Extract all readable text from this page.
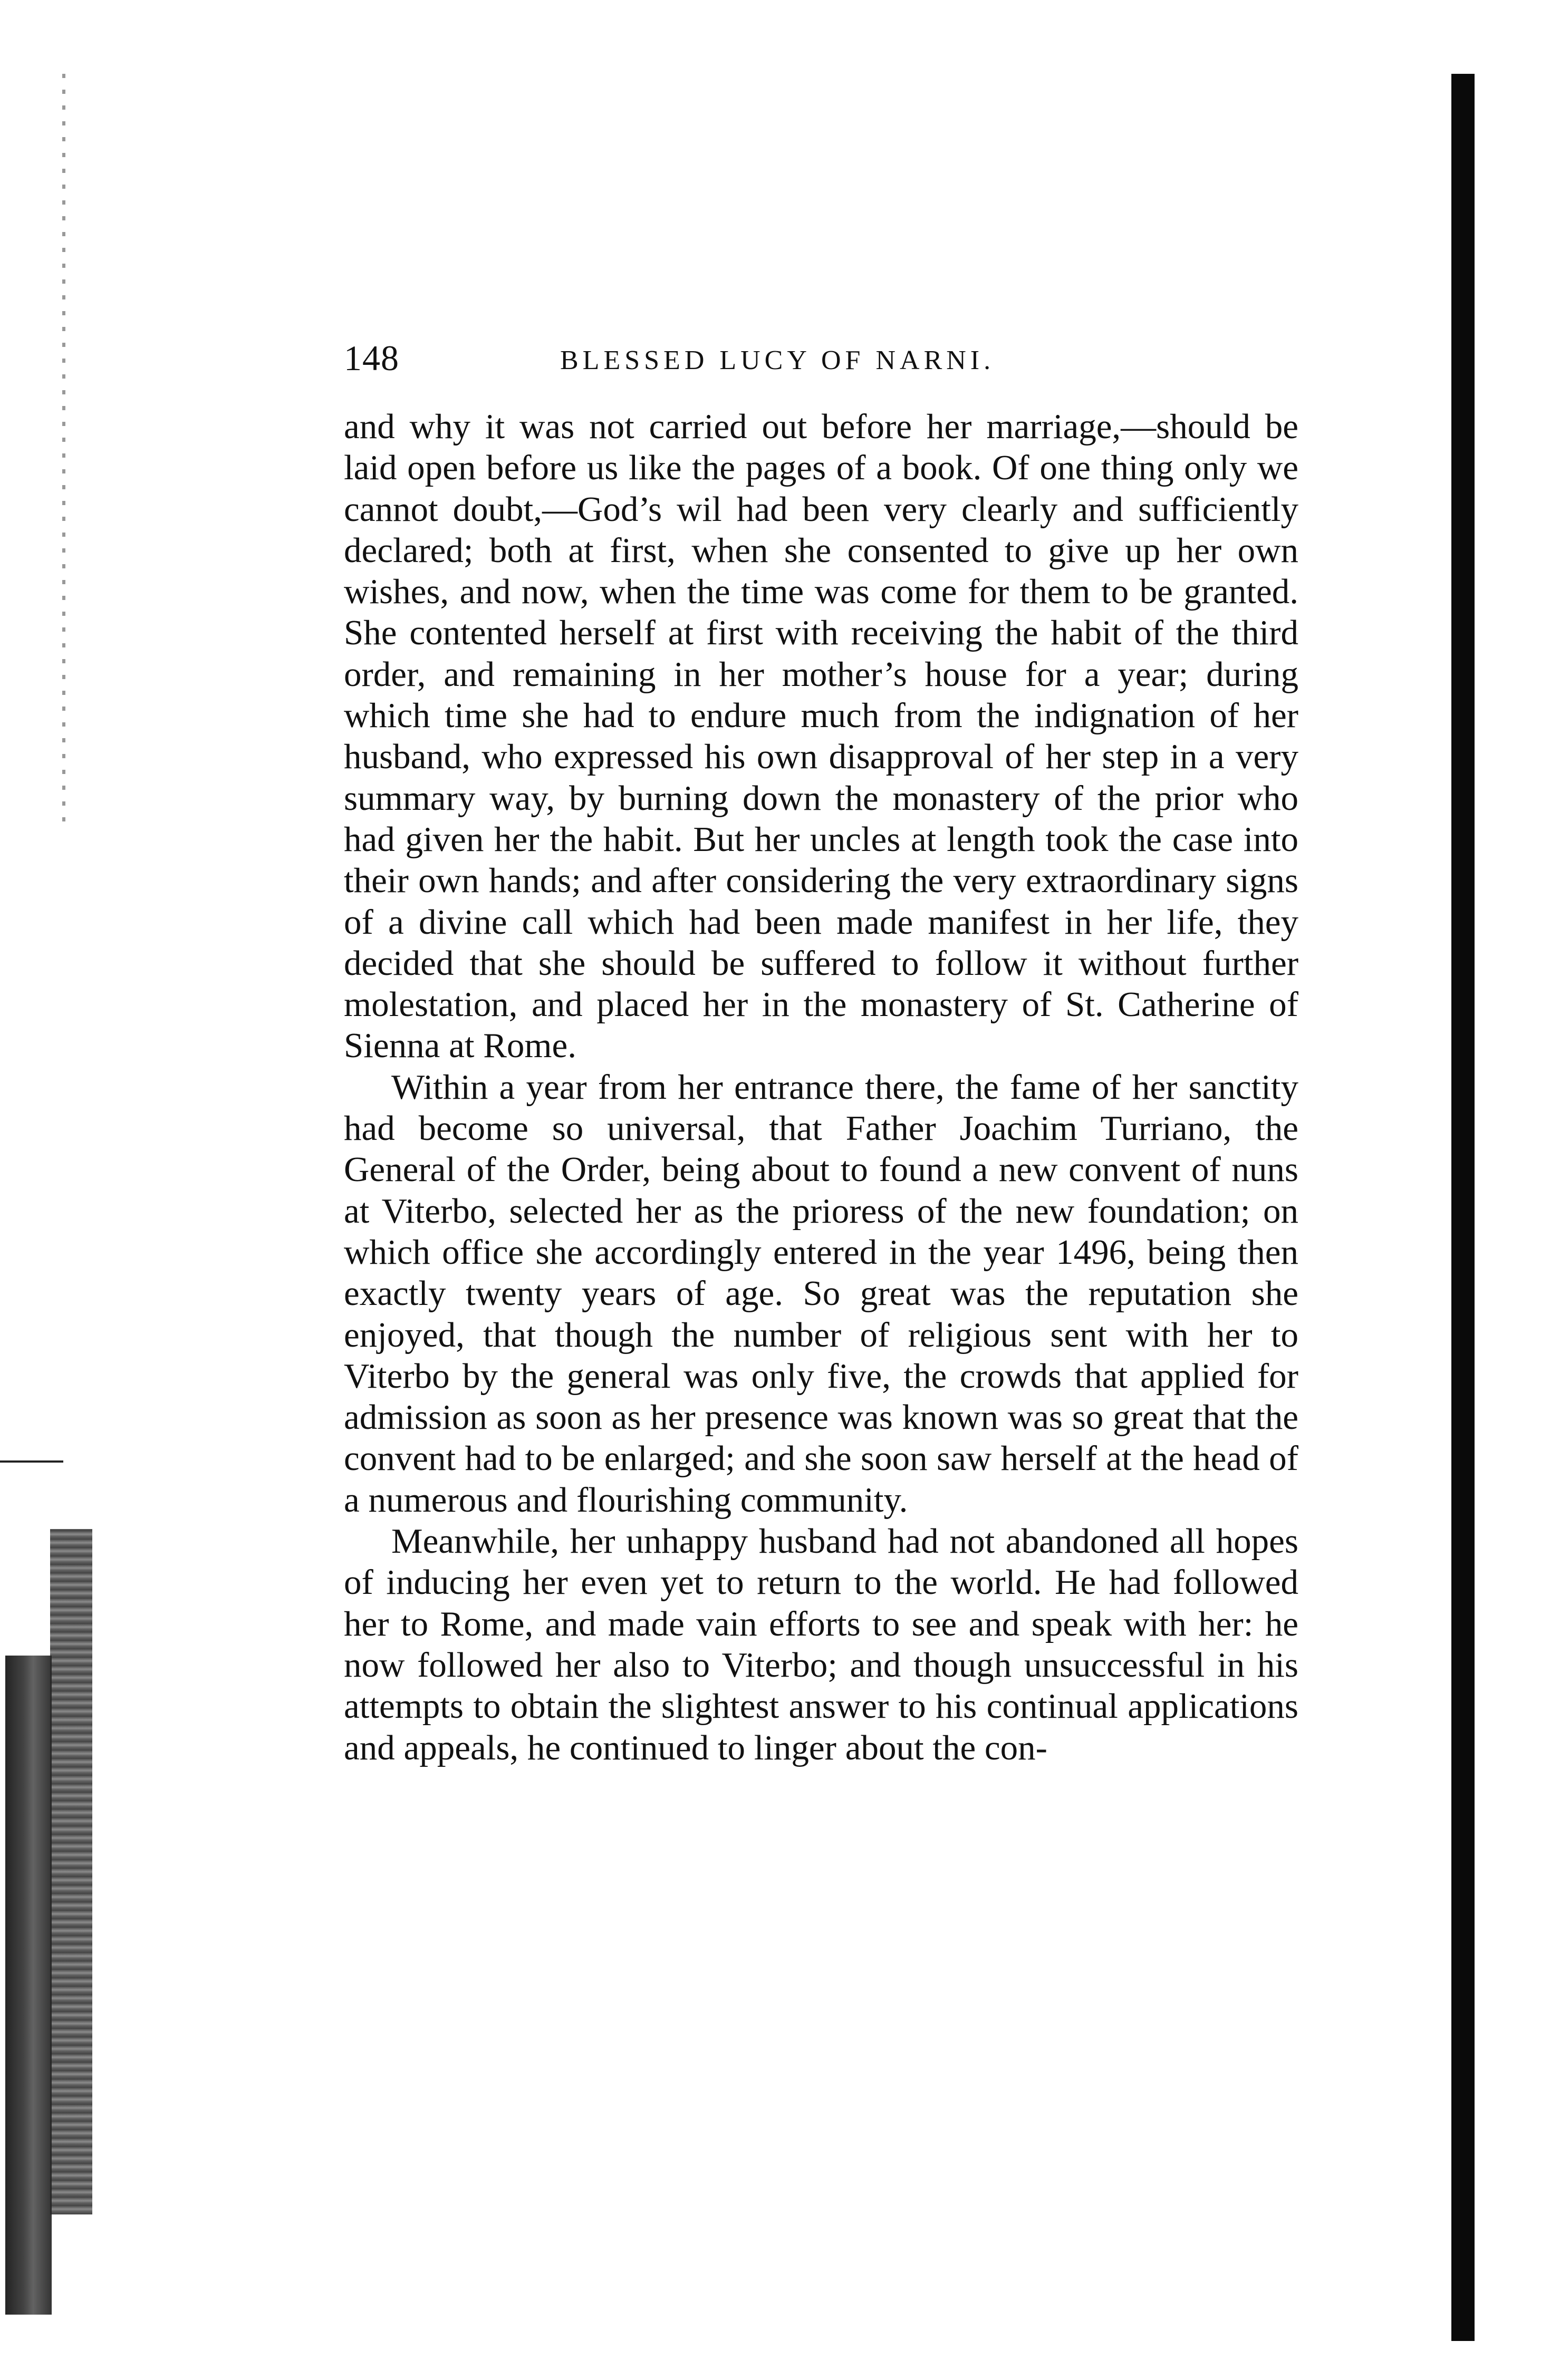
148	BLESSED LUCY OF NARNI.

and why it was not carried out before her marriage,—should be laid open before us like the pages of a book. Of one thing only we cannot doubt,—God’s wil had been very clearly and sufficiently declared; both at first, when she consented to give up her own wishes, and now, when the time was come for them to be granted. She contented herself at first with receiving the habit of the third order, and remaining in her mother’s house for a year; during which time she had to endure much from the indignation of her husband, who expressed his own disapproval of her step in a very summary way, by burning down the monastery of the prior who had given her the habit. But her uncles at length took the case into their own hands; and after considering the very extraordinary signs of a divine call which had been made manifest in her life, they decided that she should be suffered to follow it without further molestation, and placed her in the monastery of St. Catherine of Sienna at Rome.

Within a year from her entrance there, the fame of her sanctity had become so universal, that Father Joachim Turriano, the General of the Order, being about to found a new convent of nuns at Viterbo, selected her as the prioress of the new foundation; on which office she accordingly entered in the year 1496, being then exactly twenty years of age. So great was the reputation she enjoyed, that though the number of religious sent with her to Viterbo by the general was only five, the crowds that applied for admission as soon as her presence was known was so great that the convent had to be enlarged; and she soon saw herself at the head of a numerous and flourishing community.

Meanwhile, her unhappy husband had not abandoned all hopes of inducing her even yet to return to the world. He had followed her to Rome, and made vain efforts to see and speak with her: he now followed her also to Viterbo; and though unsuccessful in his attempts to obtain the slightest answer to his continual applications and appeals, he continued to linger about the con-
